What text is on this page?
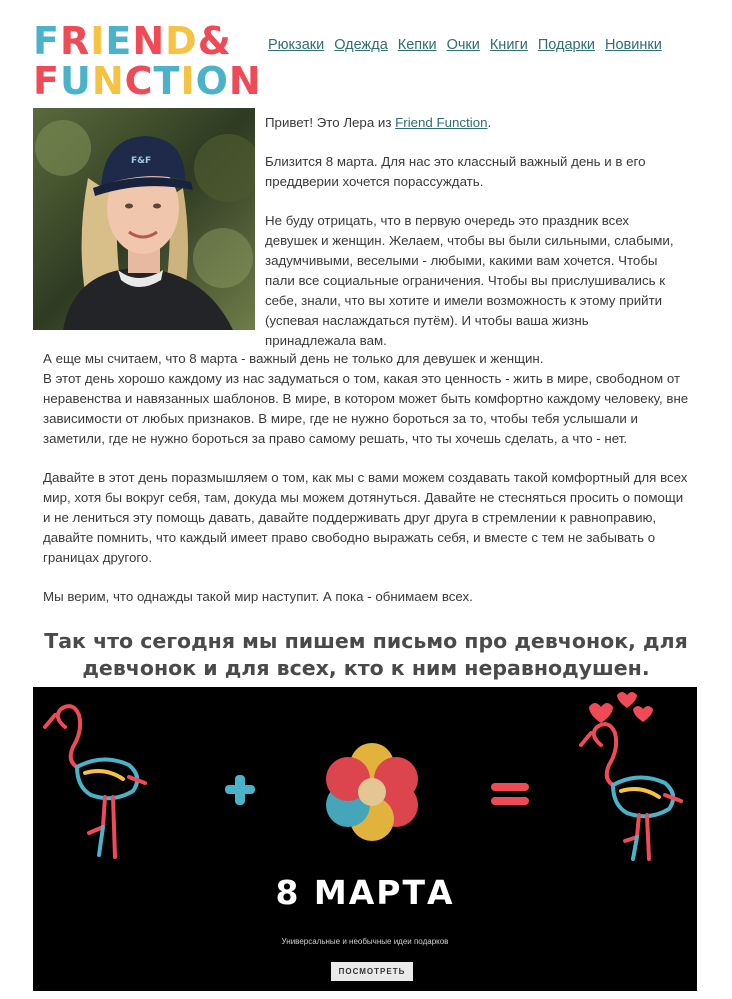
F R I E N D &
F U N C T I O N
Рюкзаки Одежда Кепки Очки Книги Подарки Новинки
F&F

Привет! Это Лера из Friend Function.

Близится 8 марта. Для нас это классный важный день и в его преддверии хочется порассуждать.

Не буду отрицать, что в первую очередь это праздник всех девушек и женщин. Желаем, чтобы вы были сильными, слабыми, задумчивыми, веселыми - любыми, какими вам хочется. Чтобы пали все социальные ограничения. Чтобы вы прислушивались к себе, знали, что вы хотите и имели возможность к этому прийти (успевая наслаждаться путём). И чтобы ваша жизнь принадлежала вам.

А еще мы считаем, что 8 марта - важный день не только для девушек и женщин.
В этот день хорошо каждому из нас задуматься о том, какая это ценность - жить в мире, свободном от неравенства и навязанных шаблонов. В мире, в котором может быть комфортно каждому человеку, вне зависимости от любых признаков. В мире, где не нужно бороться за то, чтобы тебя услышали и заметили, где не нужно бороться за право самому решать, что ты хочешь сделать, а что - нет.

Давайте в этот день поразмышляем о том, как мы с вами можем создавать такой комфортный для всех мир, хотя бы вокруг себя, там, докуда мы можем дотянуться. Давайте не стесняться просить о помощи и не лениться эту помощь давать, давайте поддерживать друг друга в стремлении к равноправию, давайте помнить, что каждый имеет право свободно выражать себя, и вместе с тем не забывать о границах другого.

Мы верим, что однажды такой мир наступит. А пока - обнимаем всех.

Так что сегодня мы пишем письмо про девчонок, для девчонок и для всех, кто к ним неравнодушен.
8 МАРТА
Универсальные и необычные идеи подарков
ПОСМОТРЕТЬ
